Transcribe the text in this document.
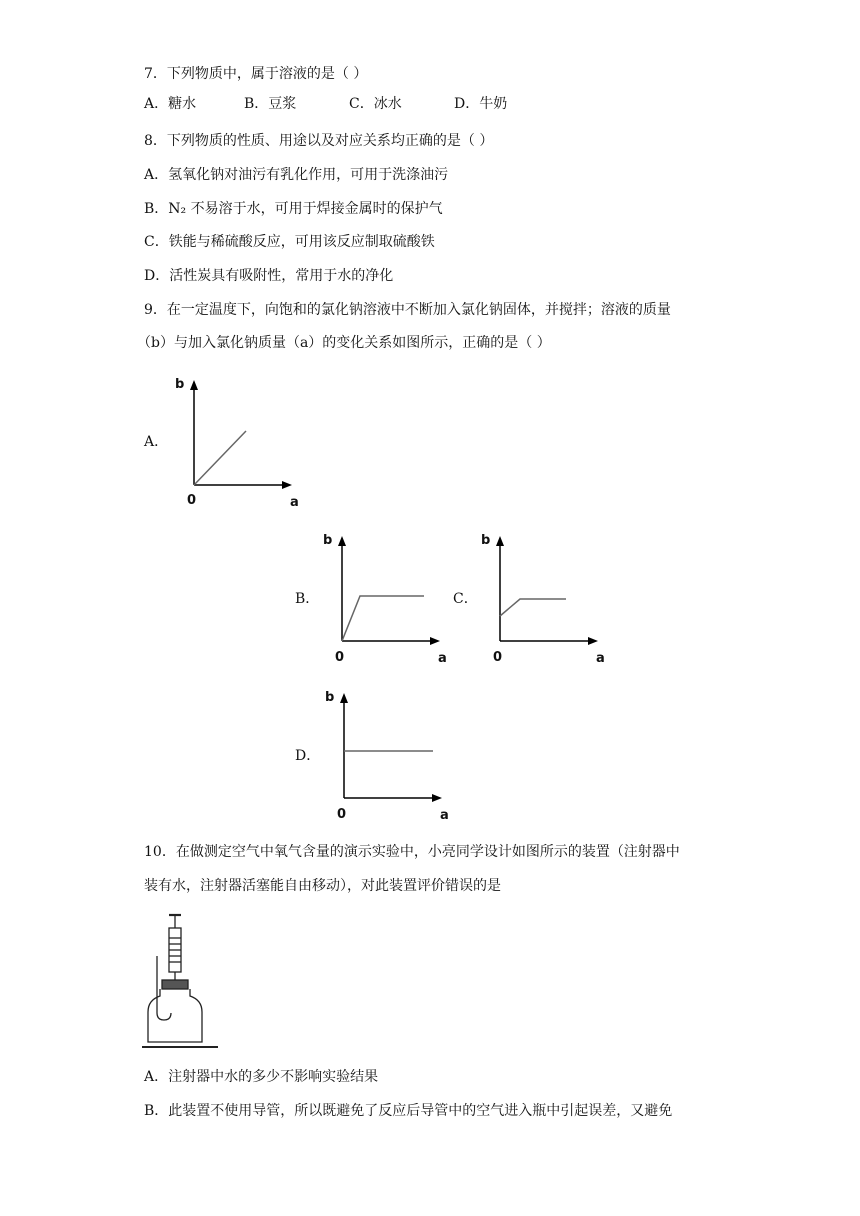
7．下列物质中，属于溶液的是（ ）
A．糖水	B．豆浆	C．冰水	D．牛奶
8．下列物质的性质、用途以及对应关系均正确的是（ ）
A．氢氧化钠对油污有乳化作用，可用于洗涤油污
B．N₂ 不易溶于水，可用于焊接金属时的保护气
C．铁能与稀硫酸反应，可用该反应制取硫酸铁
D．活性炭具有吸附性，常用于水的净化
9．在一定温度下，向饱和的氯化钠溶液中不断加入氯化钠固体，并搅拌；溶液的质量
（b）与加入氯化钠质量（a）的变化关系如图所示，正确的是（ ）
A．
b
0	a
B．
b
0	a
C．
b
0	a
D．
b
0	a
10．在做测定空气中氧气含量的演示实验中，小亮同学设计如图所示的装置（注射器中
装有水，注射器活塞能自由移动），对此装置评价错误的是
A．注射器中水的多少不影响实验结果
B．此装置不使用导管，所以既避免了反应后导管中的空气进入瓶中引起误差，又避免
